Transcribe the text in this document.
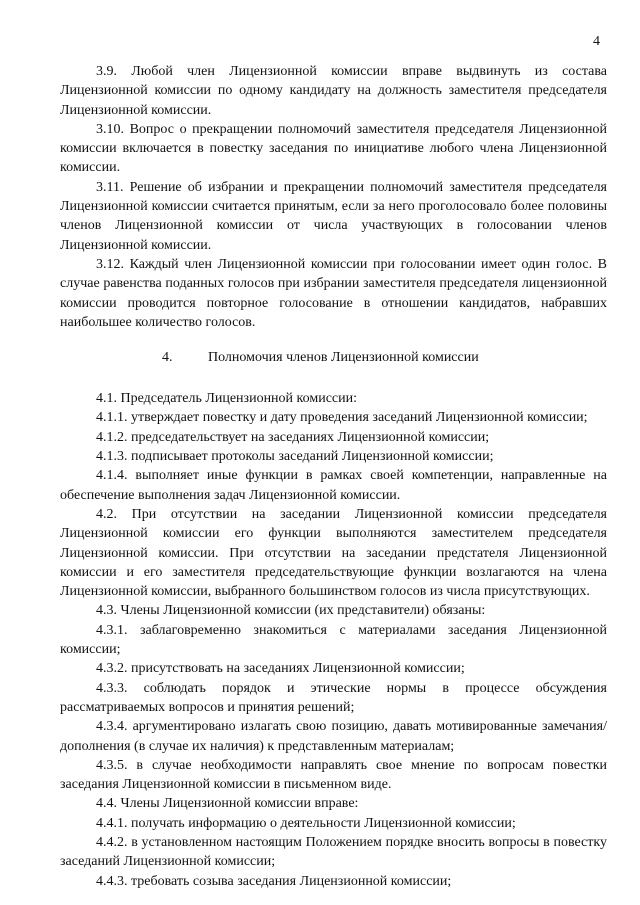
4

3.9. Любой член Лицензионной комиссии вправе выдвинуть из состава Лицензионной комиссии по одному кандидату на должность заместителя председателя Лицензионной комиссии.

3.10. Вопрос о прекращении полномочий заместителя председателя Лицензионной комиссии включается в повестку заседания по инициативе любого члена Лицензионной комиссии.

3.11. Решение об избрании и прекращении полномочий заместителя председателя Лицензионной комиссии считается принятым, если за него проголосовало более половины членов Лицензионной комиссии от числа участвующих в голосовании членов Лицензионной комиссии.

3.12. Каждый член Лицензионной комиссии при голосовании имеет один голос. В случае равенства поданных голосов при избрании заместителя председателя лицензионной комиссии проводится повторное голосование в отношении кандидатов, набравших наибольшее количество голосов.

4.	Полномочия членов Лицензионной комиссии

4.1. Председатель Лицензионной комиссии:

4.1.1. утверждает повестку и дату проведения заседаний Лицензионной комиссии;

4.1.2. председательствует на заседаниях Лицензионной комиссии;

4.1.3. подписывает протоколы заседаний Лицензионной комиссии;

4.1.4. выполняет иные функции в рамках своей компетенции, направленные на обеспечение выполнения задач Лицензионной комиссии.

4.2. При отсутствии на заседании Лицензионной комиссии председателя Лицензионной комиссии его функции выполняются заместителем председателя Лицензионной комиссии. При отсутствии на заседании предстателя Лицензионной комиссии и его заместителя председательствующие функции возлагаются на члена Лицензионной комиссии, выбранного большинством голосов из числа присутствующих.

4.3. Члены Лицензионной комиссии (их представители) обязаны:

4.3.1. заблаговременно знакомиться с материалами заседания Лицензионной комиссии;

4.3.2. присутствовать на заседаниях Лицензионной комиссии;

4.3.3. соблюдать порядок и этические нормы в процессе обсуждения рассматриваемых вопросов и принятия решений;

4.3.4. аргументировано излагать свою позицию, давать мотивированные замечания/дополнения (в случае их наличия) к представленным материалам;

4.3.5. в случае необходимости направлять свое мнение по вопросам повестки заседания Лицензионной комиссии в письменном виде.

4.4. Члены Лицензионной комиссии вправе:

4.4.1. получать информацию о деятельности Лицензионной комиссии;

4.4.2. в установленном настоящим Положением порядке вносить вопросы в повестку заседаний Лицензионной комиссии;

4.4.3. требовать созыва заседания Лицензионной комиссии;
